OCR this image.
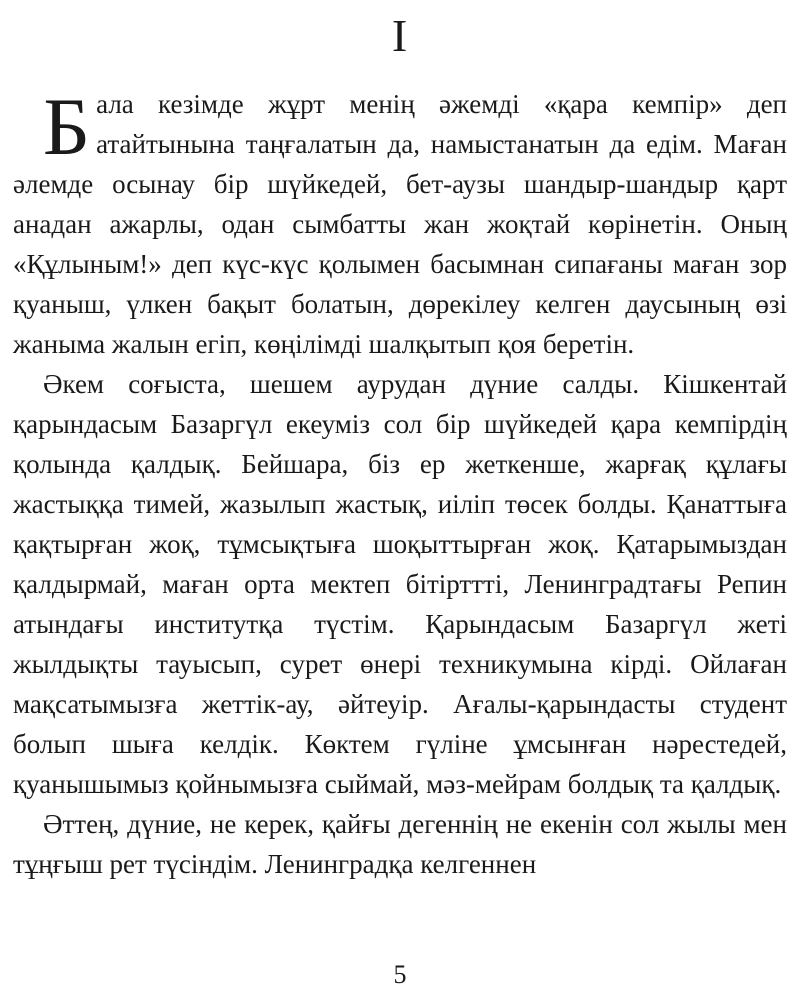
I

Бала кезімде жұрт менің әжемді «қара кемпір» деп атайтынына таңғалатын да, намыстанатын да едім. Маған әлемде осынау бір шүйкедей, бет-аузы шандыр-шандыр қарт анадан ажарлы, одан сымбатты жан жоқтай көрінетін. Оның «Құлыным!» деп күс-күс қолымен басымнан сипағаны маған зор қуаныш, үлкен бақыт болатын, дөрекілеу келген даусының өзі жаныма жалын егіп, көңілімді шалқытып қоя беретін.

Әкем соғыста, шешем аурудан дүние салды. Кішкентай қарындасым Базаргүл екеуміз сол бір шүйкедей қара кемпірдің қолында қалдық. Бейшара, біз ер жеткенше, жарғақ құлағы жастыққа тимей, жазылып жастық, иіліп төсек болды. Қанаттыға қақтырған жоқ, тұмсықтыға шоқыттырған жоқ. Қатарымыздан қалдырмай, маған орта мектеп бітірттті, Ленинградтағы Репин атындағы институтқа түстім. Қарындасым Базаргүл жеті жылдықты тауысып, сурет өнері техникумына кірді. Ойлаған мақсатымызға жеттік-ау, әйтеуір. Ағалы-қарындасты студент болып шыға келдік. Көктем гүліне ұмсынған нәрестедей, қуанышымыз қойнымызға сыймай, мәз-мейрам болдық та қалдық.

Әттең, дүние, не керек, қайғы дегеннің не екенін сол жылы мен тұңғыш рет түсіндім. Ленинградқа келгеннен

5
